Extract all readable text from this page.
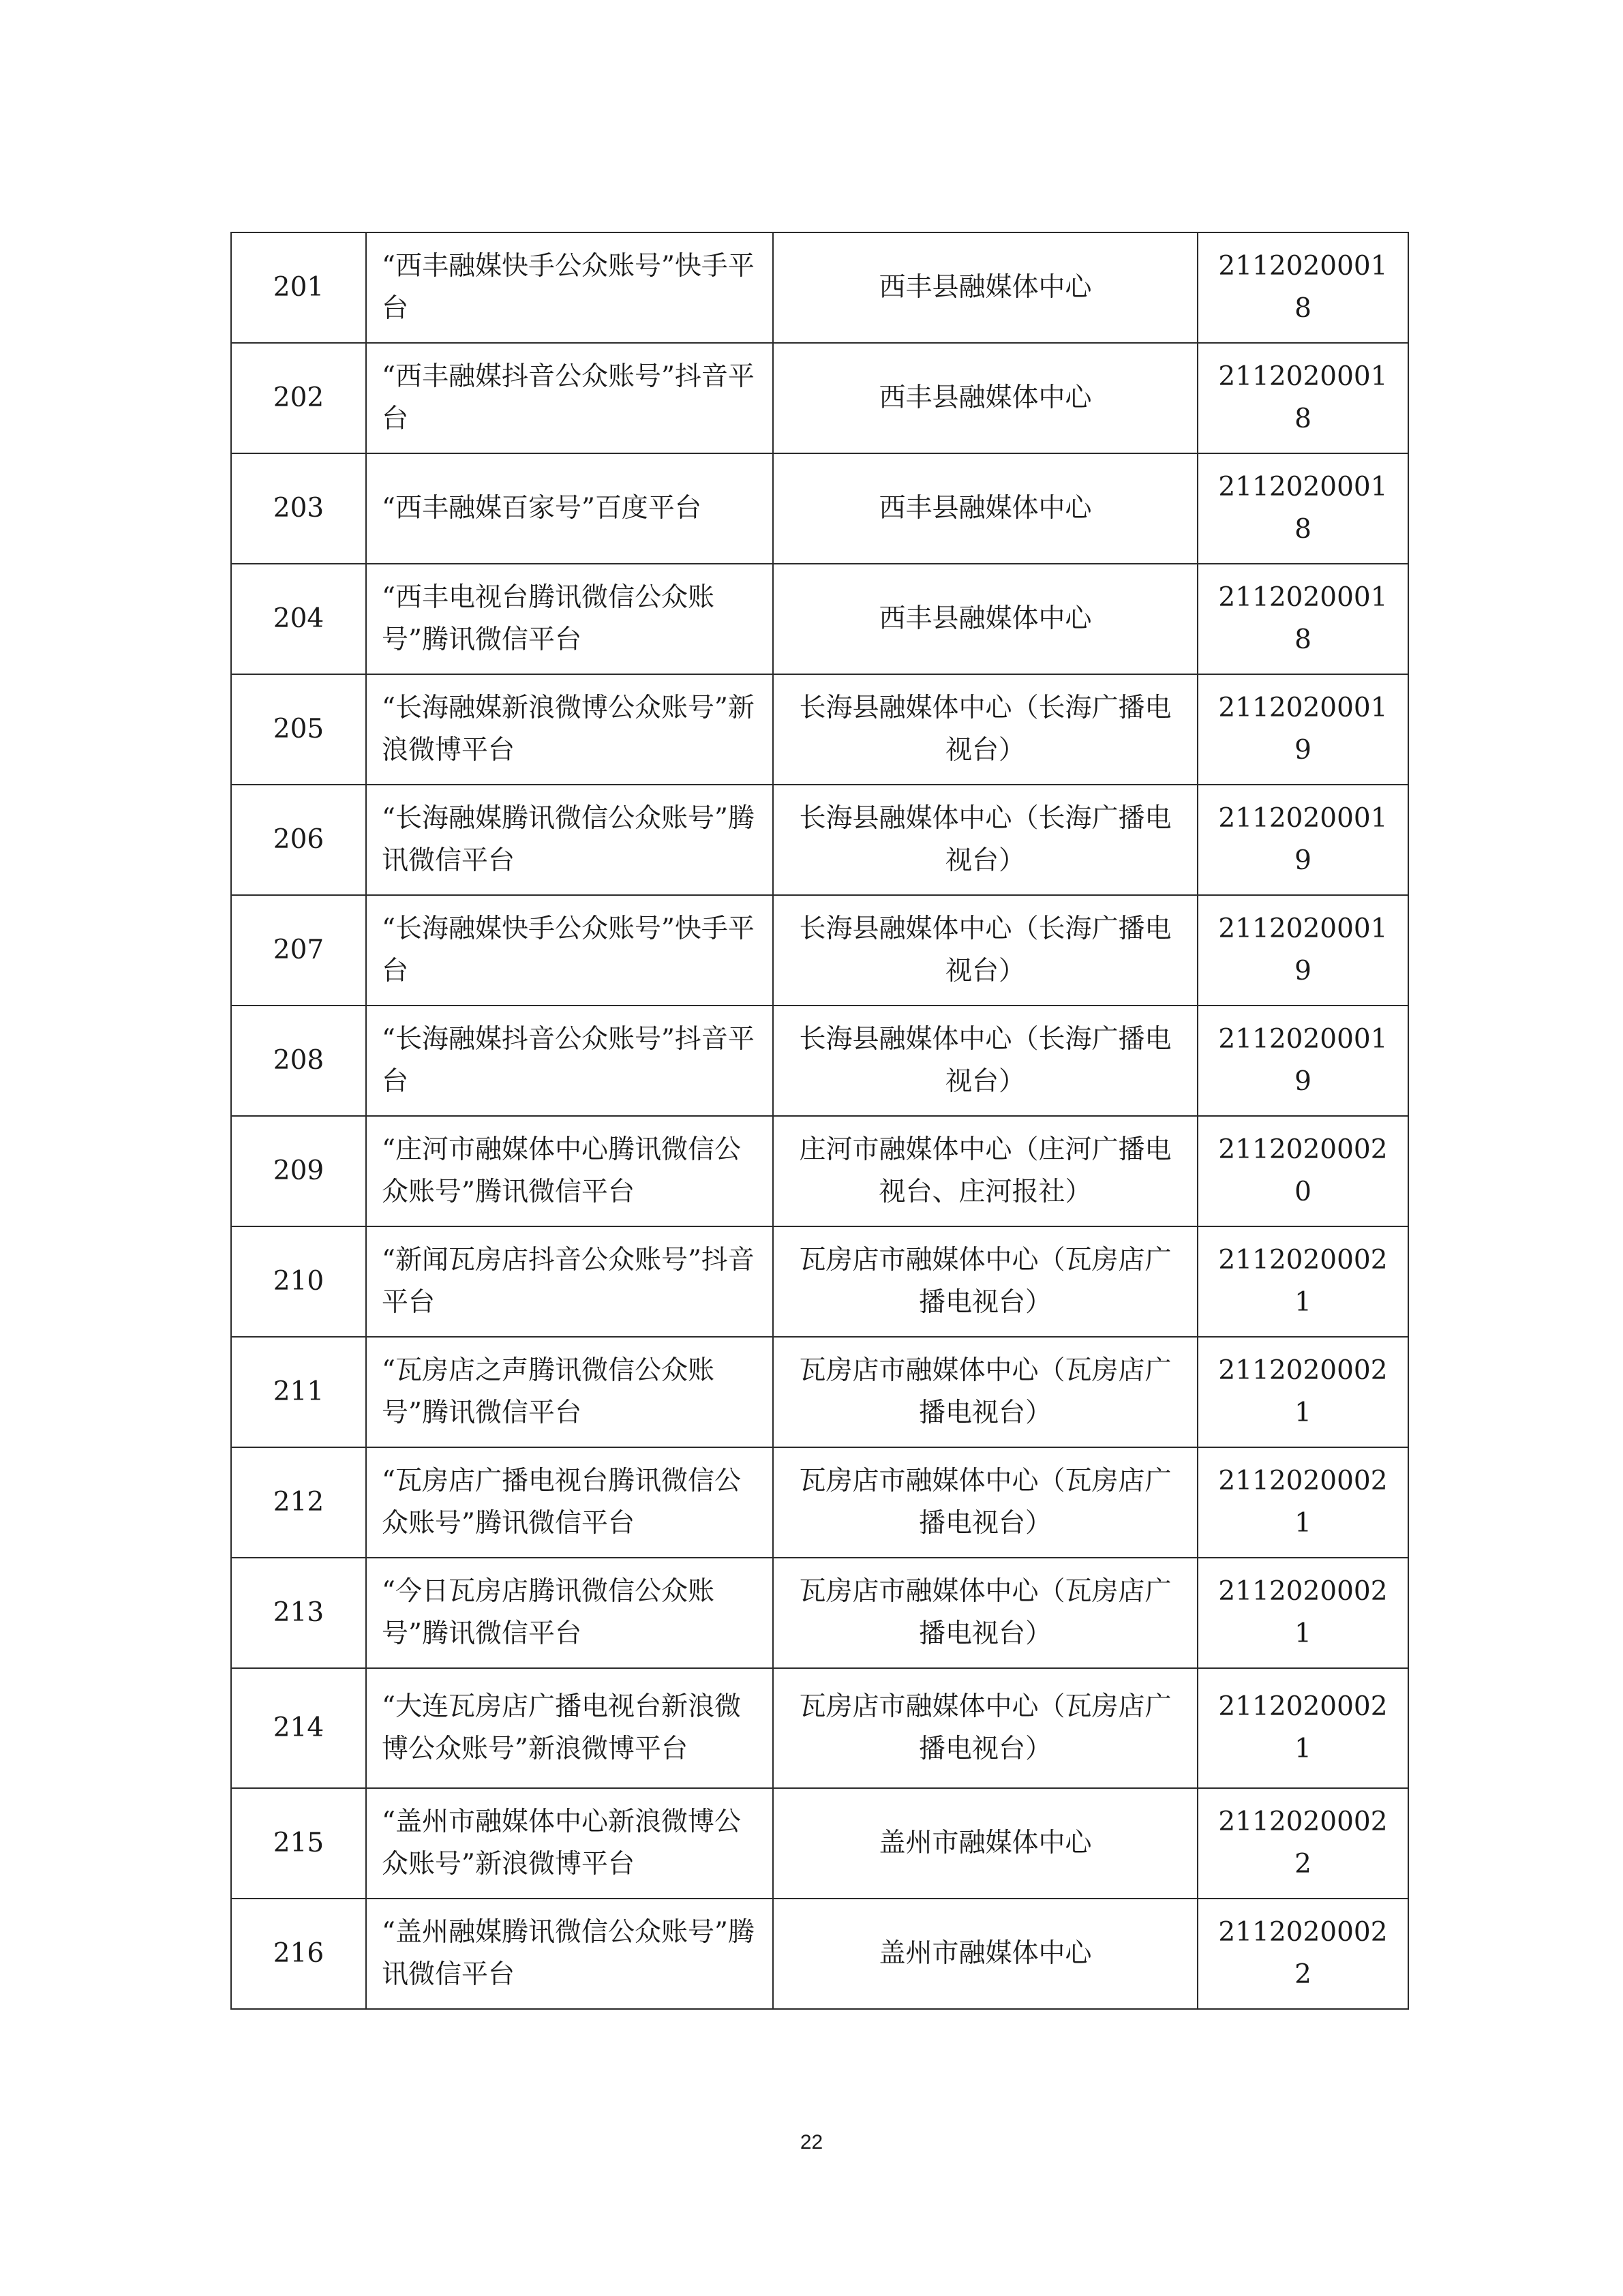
201	“西丰融媒快手公众账号”快手平台	西丰县融媒体中心	21120200018
202	“西丰融媒抖音公众账号”抖音平台	西丰县融媒体中心	21120200018
203	“西丰融媒百家号”百度平台	西丰县融媒体中心	21120200018
204	“西丰电视台腾讯微信公众账号”腾讯微信平台	西丰县融媒体中心	21120200018
205	“长海融媒新浪微博公众账号”新浪微博平台	长海县融媒体中心（长海广播电视台）	21120200019
206	“长海融媒腾讯微信公众账号”腾讯微信平台	长海县融媒体中心（长海广播电视台）	21120200019
207	“长海融媒快手公众账号”快手平台	长海县融媒体中心（长海广播电视台）	21120200019
208	“长海融媒抖音公众账号”抖音平台	长海县融媒体中心（长海广播电视台）	21120200019
209	“庄河市融媒体中心腾讯微信公众账号”腾讯微信平台	庄河市融媒体中心（庄河广播电视台、庄河报社）	21120200020
210	“新闻瓦房店抖音公众账号”抖音平台	瓦房店市融媒体中心（瓦房店广播电视台）	21120200021
211	“瓦房店之声腾讯微信公众账号”腾讯微信平台	瓦房店市融媒体中心（瓦房店广播电视台）	21120200021
212	“瓦房店广播电视台腾讯微信公众账号”腾讯微信平台	瓦房店市融媒体中心（瓦房店广播电视台）	21120200021
213	“今日瓦房店腾讯微信公众账号”腾讯微信平台	瓦房店市融媒体中心（瓦房店广播电视台）	21120200021
214	“大连瓦房店广播电视台新浪微博公众账号”新浪微博平台	瓦房店市融媒体中心（瓦房店广播电视台）	21120200021
215	“盖州市融媒体中心新浪微博公众账号”新浪微博平台	盖州市融媒体中心	21120200022
216	“盖州融媒腾讯微信公众账号”腾讯微信平台	盖州市融媒体中心	21120200022
22
